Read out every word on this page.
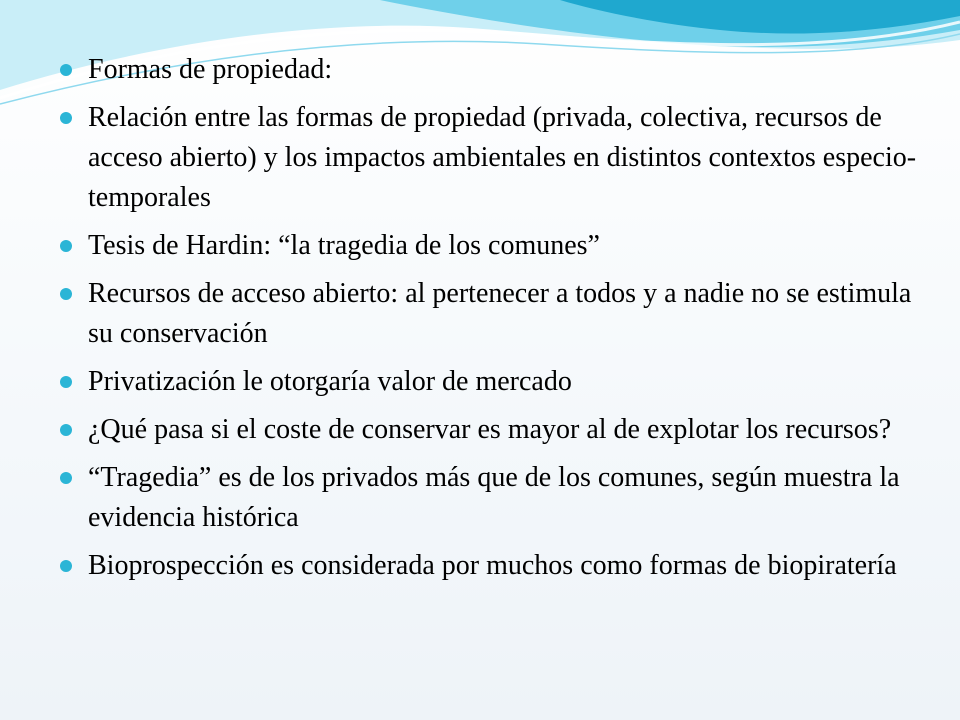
Formas de propiedad:
Relación entre las formas de propiedad (privada, colectiva, recursos de acceso abierto) y los impactos ambientales en distintos contextos especio-temporales
Tesis de Hardin: “la tragedia de los comunes”
Recursos de acceso abierto: al pertenecer a todos y a nadie no se estimula su conservación
Privatización le otorgaría valor de mercado
¿Qué pasa si el coste de conservar es mayor al de explotar los recursos?
“Tragedia” es de los privados más que de los comunes, según muestra la evidencia histórica
Bioprospección es considerada por muchos como formas de biopiratería
